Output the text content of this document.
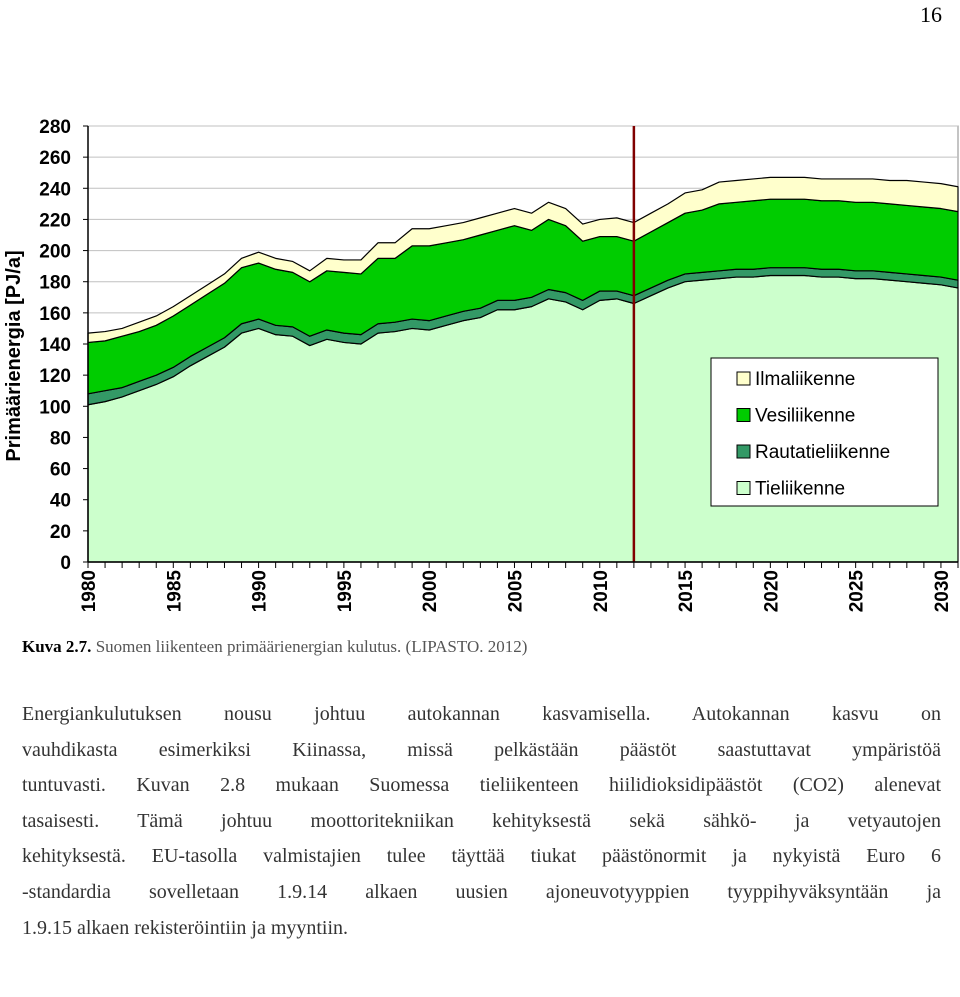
16
0
20
40
60
80
100
120
140
160
180
200
220
240
260
280
1980	1985	1990	1995	2000	2005	2010	2015	2020	2025	2030
Primäärienergia [PJ/a]	Ilmaliikenne
Vesiliikenne
Rautatieliikenne
Tieliikenne
Kuva 2.7. Suomen liikenteen primäärienergian kulutus. (LIPASTO. 2012)
Energiankulutuksen nousu johtuu autokannan kasvamisella. Autokannan kasvu on
vauhdikasta esimerkiksi Kiinassa, missä pelkästään päästöt saastuttavat ympäristöä
tuntuvasti. Kuvan 2.8 mukaan Suomessa tieliikenteen hiilidioksidipäästöt (CO2) alenevat
tasaisesti. Tämä johtuu moottoritekniikan kehityksestä sekä sähkö- ja vetyautojen
kehityksestä. EU-tasolla valmistajien tulee täyttää tiukat päästönormit ja nykyistä Euro 6
-standardia sovelletaan 1.9.14 alkaen uusien ajoneuvotyyppien tyyppihyväksyntään ja
1.9.15 alkaen rekisteröintiin ja myyntiin.
